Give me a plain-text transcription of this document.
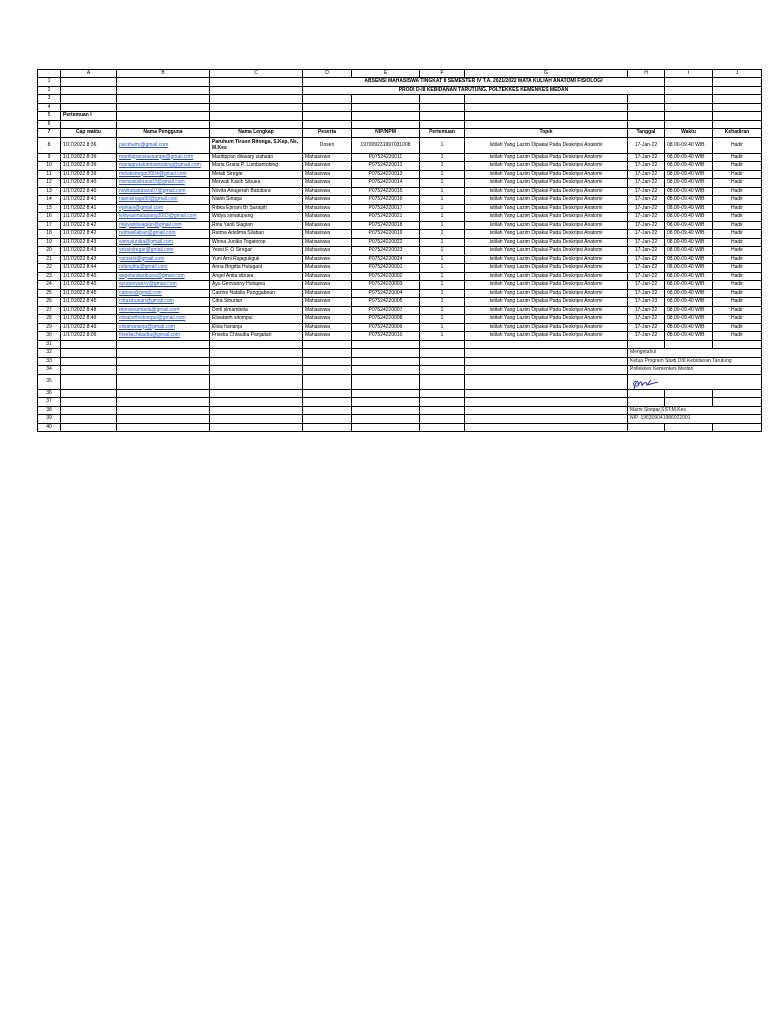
	A	B	C	D	E	F	G	H	I	J
1				ABSENSI MAHASISWA TINGKAT II SEMESTER IV T.A. 2021/2022 MATA KULIAH ANATOMI FISIOLOGI						
2				PRODI D-III KEBIDANAN TARUTUNG, POLTEKKES KEMENKES MEDAN						
3										
4										
5	Pertemuan I									
6										
7	Cap waktu	Nama Pengguna	Nama Lengkap	Peserta	NIP/NPM	Pertemuan	Topik	Tanggal	Waktu	Kehadiran
8	1/17/2022 8:36	paruhumr@gmail.com	Paruhum Tiruon Ritonga, S.Kep, Ns, M.Kes	Dosen	197009231997031008	1	Istilah Yang Lazim Dipakai Pada Deskripsi Anatomi	17-Jan-22	08.00-09.40 WIB	Hadir
9	1/17/2022 8:39	mardippanslaesanpe@gmail.com	Mardippan dilasary siahaan	Mahasiswa	P07524220011	1	Istilah Yang Lazim Dipakai Pada Deskripsi Anatomi	17-Jan-22	08.00-09.40 WIB	Hadir
10	1/17/2022 8:39	mariagretalumbantobing@gmail.com	Maria Gratia P. Lumbantobing	Mahasiswa	P07524220012	1	Istilah Yang Lazim Dipakai Pada Deskripsi Anatomi	17-Jan-22	08.00-09.40 WIB	Hadir
11	1/17/2022 8:39	melatisiregar2004@gmail.com	Melati Siregar	Mahasiswa	P07524220013	1	Istilah Yang Lazim Dipakai Pada Deskripsi Anatomi	17-Jan-22	08.00-09.40 WIB	Hadir
12	1/17/2022 8:40	merwatisibuea03@gmail.com	Merwati Kasih Sibuea	Mahasiswa	P07524220014	1	Istilah Yang Lazim Dipakai Pada Deskripsi Anatomi	17-Jan-22	08.00-09.40 WIB	Hadir
13	1/17/2022 8:40	novitabatubara07@gmail.com	Novita Anugerah Batubara	Mahasiswa	P07524220015	1	Istilah Yang Lazim Dipakai Pada Deskripsi Anatomi	17-Jan-22	08.00-09.40 WIB	Hadir
14	1/17/2022 8:41	nianisinaga90@gmail.com	Nianti Sinaga	Mahasiswa	P07524220016	1	Istilah Yang Lazim Dipakai Pada Deskripsi Anatomi	17-Jan-22	08.00-09.40 WIB	Hadir
15	1/17/2022 8:41	epriiani@gmail.com	Ribka Epriani Br Saragih	Mahasiswa	P07524220017	1	Istilah Yang Lazim Dipakai Pada Deskripsi Anatomi	17-Jan-22	08.00-09.40 WIB	Hadir
16	1/17/2022 8:42	widyasimatupang2003@gmail.com	Widya simatupang	Mahasiswa	P07524220021	1	Istilah Yang Lazim Dipakai Pada Deskripsi Anatomi	17-Jan-22	08.00-09.40 WIB	Hadir
17	1/17/2022 8:42	rinayantisiagian@gmail.com	Rina Yanti Siagian	Mahasiswa	P07524220018	1	Istilah Yang Lazim Dipakai Pada Deskripsi Anatomi	17-Jan-22	08.00-09.40 WIB	Hadir
18	1/17/2022 8:42	rutmasilaban@gmail.com	Rutma Adelima Silaban	Mahasiswa	P07524220019	1	Istilah Yang Lazim Dipakai Pada Deskripsi Anatomi	17-Jan-22	08.00-09.40 WIB	Hadir
19	1/17/2022 8:43	winnajunika@gmail.com	Winna Junika Togatorop	Mahasiswa	P07524220022	1	Istilah Yang Lazim Dipakai Pada Deskripsi Anatomi	17-Jan-22	08.00-09.40 WIB	Hadir
20	1/17/2022 8:43	yessisiregar@gmail.com	Yessi F. O Siregar	Mahasiswa	P07524220023	1	Istilah Yang Lazim Dipakai Pada Deskripsi Anatomi	17-Jan-22	08.00-09.40 WIB	Hadir
21	1/17/2022 8:43	yuniarni@gmail.com	Yuni Arni Rajagukguk	Mahasiswa	P07524220024	1	Istilah Yang Lazim Dipakai Pada Deskripsi Anatomi	17-Jan-22	08.00-09.40 WIB	Hadir
22	1/17/2022 8:44	nnbrigitta@gmail.com	Anna Brigitta Hutagaol	Mahasiswa	P07524220001	1	Istilah Yang Lazim Dipakai Pada Deskripsi Anatomi	17-Jan-22	08.00-09.40 WIB	Hadir
23	1/17/2022 8:45	angelanitasibuea@gmail.com	Angel Anita sibuea	Mahasiswa	P07524220002	1	Istilah Yang Lazim Dipakai Pada Deskripsi Anatomi	17-Jan-22	08.00-09.40 WIB	Hadir
24	1/17/2022 8:45	ayugeovanny@gmail.com	Ayu Geovanny Hutapea	Mahasiswa	P07524220003	1	Istilah Yang Lazim Dipakai Pada Deskripsi Anatomi	17-Jan-22	08.00-09.40 WIB	Hadir
25	1/17/2022 8:45	catrine@gmail.com	Catrine Natalia Panggabean	Mahasiswa	P07524220004	1	Istilah Yang Lazim Dipakai Pada Deskripsi Anatomi	17-Jan-22	08.00-09.40 WIB	Hadir
26	1/17/2022 8:45	citrasiburian@gmail.com	Citra Siburian	Mahasiswa	P07524220005	1	Istilah Yang Lazim Dipakai Pada Deskripsi Anatomi	17-Jan-23	08.00-09.40 WIB	Hadir
27	1/17/2022 8:48	dorisimambela@gmail.com	Dorli simambela	Mahasiswa	P07524220007	1	Istilah Yang Lazim Dipakai Pada Deskripsi Anatomi	17-Jan-22	08.00-09.40 WIB	Hadir
28	1/17/2022 8:49	elisabethsitompul@gmail.com	Elisabeth sitompul	Mahasiswa	P07524220008	1	Istilah Yang Lazim Dipakai Pada Deskripsi Anatomi	17-Jan-22	08.00-09.40 WIB	Hadir
29	1/17/2022 8:49	elisaharianja@gmail.com	Elisa harianja	Mahasiswa	P07524220009	1	Istilah Yang Lazim Dipakai Pada Deskripsi Anatomi	17-Jan-22	08.00-09.40 WIB	Hadir
30	1/17/2022 8:09	friseliachlaudia@gmail.com	Friselia Chlaudia Panjaitan	Mahasiswa	P07524220010	1	Istilah Yang Lazim Dipakai Pada Deskripsi Anatomi	17-Jan-22	08.00-09.40 WIB	Hadir
31										
32								Mengetahui		
33								Ketua Program Studi DIII Kebidanan Tarutung		
34								Poltekkes Kemenkes Medan		
35								

36										
37										
38								Marni Siregar,SST,M.Kes		
39								NIP. 196309041986022001		
40										
